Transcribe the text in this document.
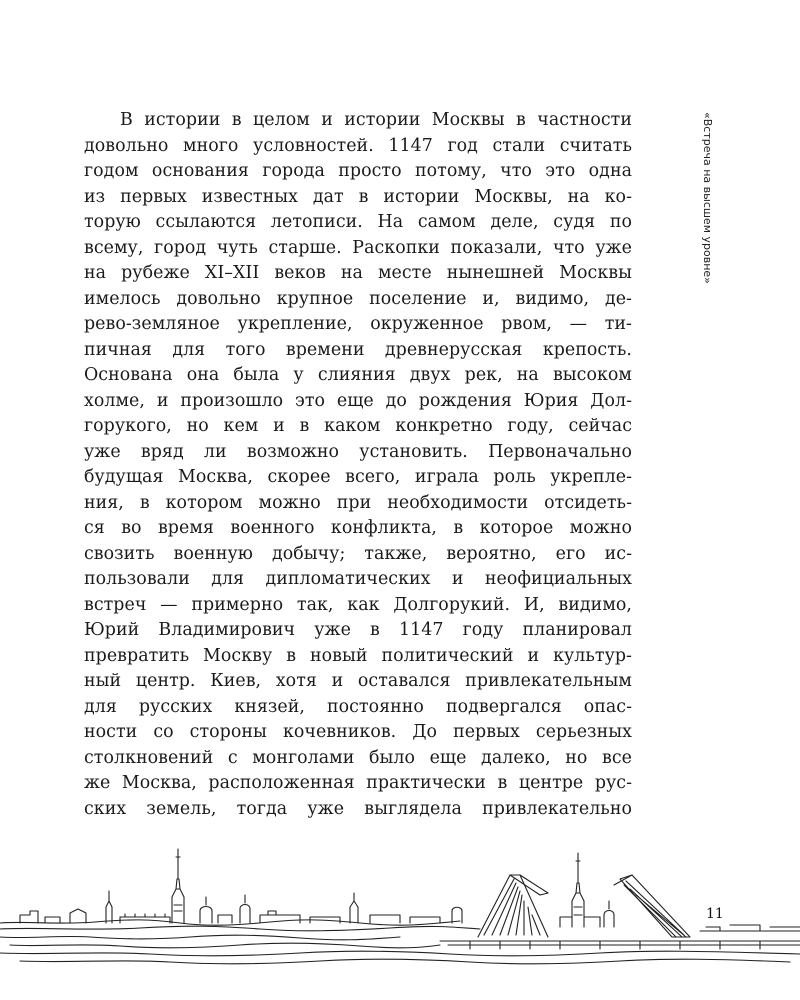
«Встреча на высшем уровне»
В истории в целом и истории Москвы в частности
довольно много условностей. 1147 год стали считать
годом основания города просто потому, что это одна
из первых известных дат в истории Москвы, на ко-
торую ссылаются летописи. На самом деле, судя по
всему, город чуть старше. Раскопки показали, что уже
на рубеже XI–XII веков на месте нынешней Москвы
имелось довольно крупное поселение и, видимо, де-
рево-земляное укрепление, окруженное рвом, — ти-
пичная для того времени древнерусская крепость.
Основана она была у слияния двух рек, на высоком
холме, и произошло это еще до рождения Юрия Дол-
горукого, но кем и в каком конкретно году, сейчас
уже вряд ли возможно установить. Первоначально
будущая Москва, скорее всего, играла роль укрепле-
ния, в котором можно при необходимости отсидеть-
ся во время военного конфликта, в которое можно
свозить военную добычу; также, вероятно, его ис-
пользовали для дипломатических и неофициальных
встреч — примерно так, как Долгорукий. И, видимо,
Юрий Владимирович уже в 1147 году планировал
превратить Москву в новый политический и культур-
ный центр. Киев, хотя и оставался привлекательным
для русских князей, постоянно подвергался опас-
ности со стороны кочевников. До первых серьезных
столкновений с монголами было еще далеко, но все
же Москва, расположенная практически в центре рус-
ских земель, тогда уже выглядела привлекательно
11
